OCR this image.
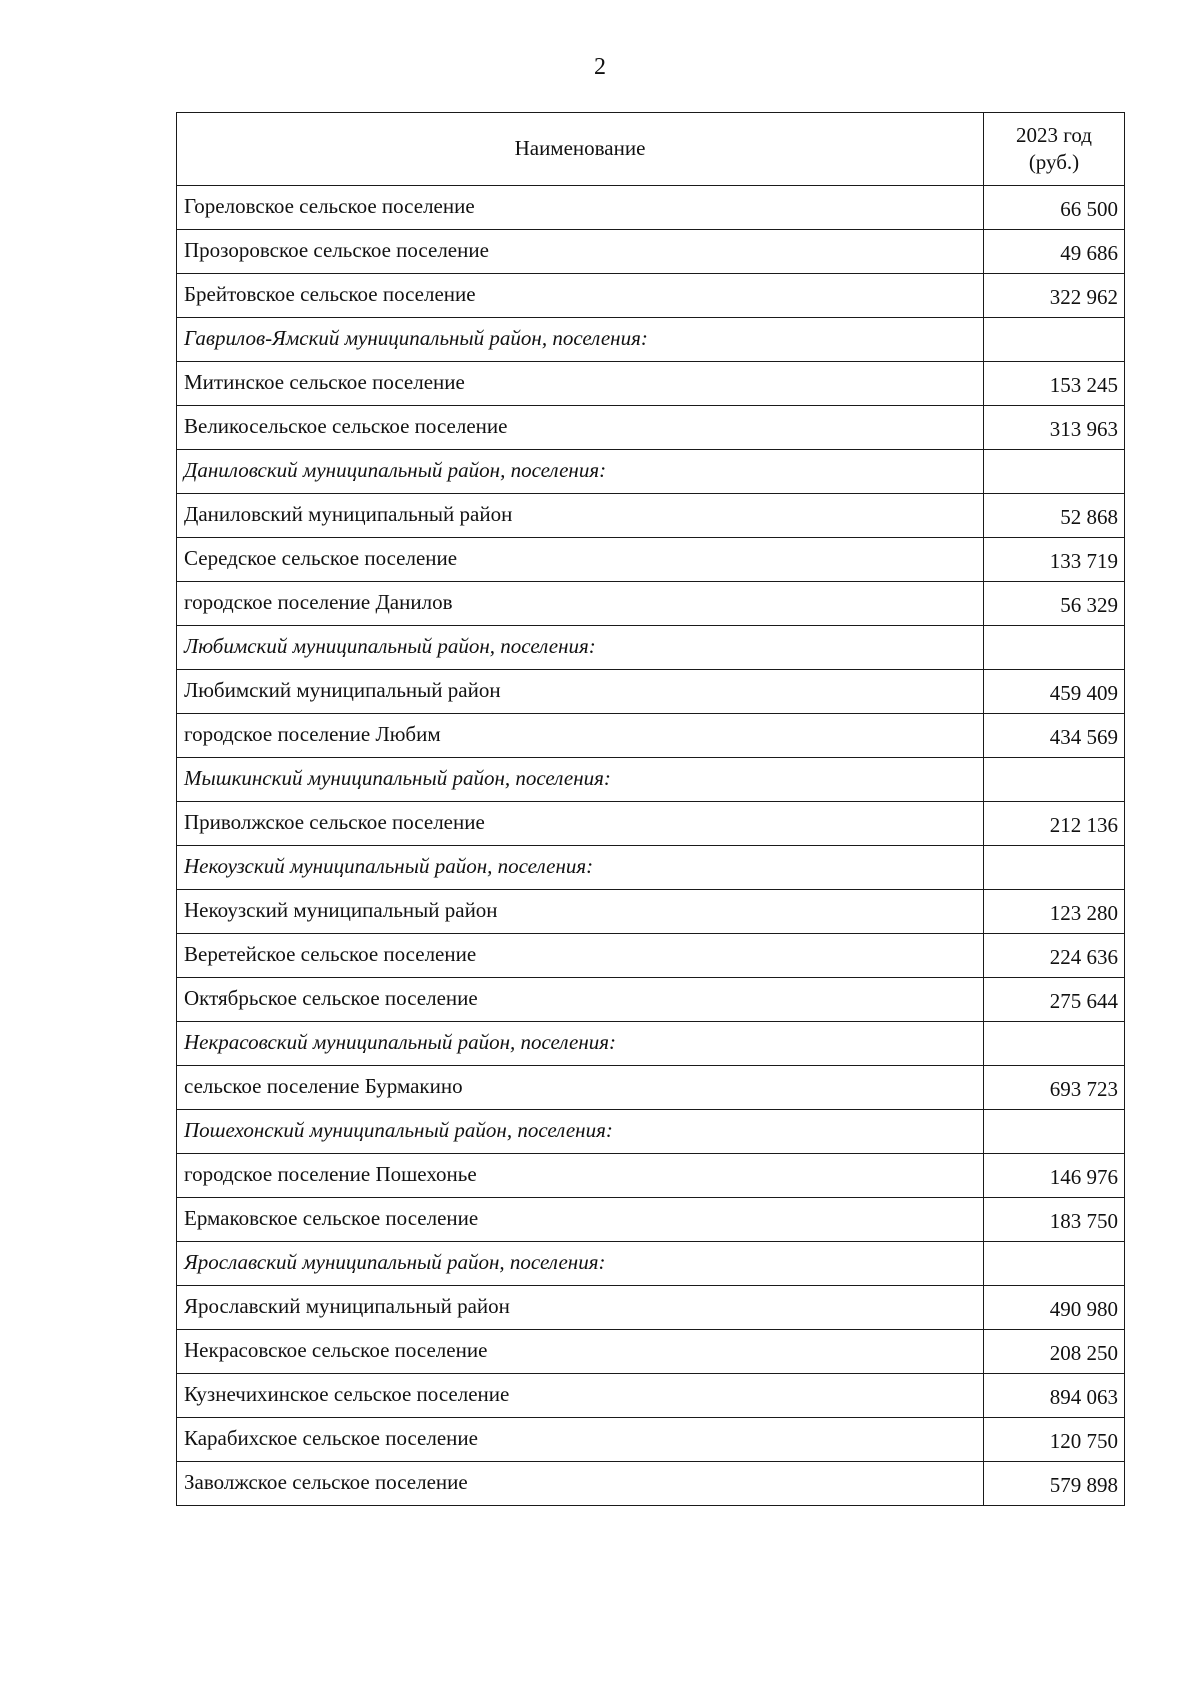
2
Наименование	2023 год
(руб.)
Гореловское сельское поселение	66 500
Прозоровское сельское поселение	49 686
Брейтовское сельское поселение	322 962
Гаврилов-Ямский муниципальный район, поселения:	
Митинское сельское поселение	153 245
Великосельское сельское поселение	313 963
Даниловский муниципальный район, поселения:	
Даниловский муниципальный район	52 868
Середское сельское поселение	133 719
городское поселение Данилов	56 329
Любимский муниципальный район, поселения:	
Любимский муниципальный район	459 409
городское поселение Любим	434 569
Мышкинский муниципальный район, поселения:	
Приволжское сельское поселение	212 136
Некоузский муниципальный район, поселения:	
Некоузский муниципальный район	123 280
Веретейское сельское поселение	224 636
Октябрьское сельское поселение	275 644
Некрасовский муниципальный район, поселения:	
сельское поселение Бурмакино	693 723
Пошехонский муниципальный район, поселения:	
городское поселение Пошехонье	146 976
Ермаковское сельское поселение	183 750
Ярославский муниципальный район, поселения:	
Ярославский муниципальный район	490 980
Некрасовское сельское поселение	208 250
Кузнечихинское сельское поселение	894 063
Карабихское сельское поселение	120 750
Заволжское сельское поселение	579 898
